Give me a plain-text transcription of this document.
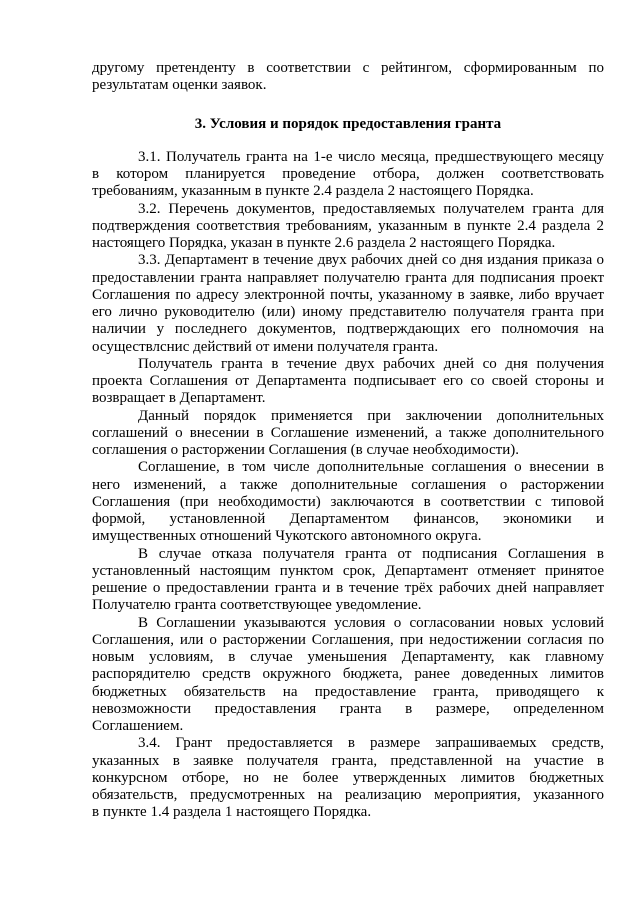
другому претенденту в соответствии с рейтингом, сформированным по
результатам оценки заявок.
3. Условия и порядок предоставления гранта
3.1. Получатель гранта на 1-е число месяца, предшествующего месяцу
в котором планируется проведение отбора, должен соответствовать
требованиям, указанным в пункте 2.4 раздела 2 настоящего Порядка.
3.2. Перечень документов, предоставляемых получателем гранта для
подтверждения соответствия требованиям, указанным в пункте 2.4 раздела 2
настоящего Порядка, указан в пункте 2.6 раздела 2 настоящего Порядка.
3.3. Департамент в течение двух рабочих дней со дня издания приказа о
предоставлении гранта направляет получателю гранта для подписания проект
Соглашения по адресу электронной почты, указанному в заявке, либо вручает
его лично руководителю (или) иному представителю получателя гранта при
наличии у последнего документов, подтверждающих его полномочия на
осуществлснис действий от имени получателя гранта.
Получатель гранта в течение двух рабочих дней со дня получения
проекта Соглашения от Департамента подписывает его со своей стороны и
возвращает в Департамент.
Данный порядок применяется при заключении дополнительных
соглашений о внесении в Соглашение изменений, а также дополнительного
соглашения о расторжении Соглашения (в случае необходимости).
Соглашение, в том числе дополнительные соглашения о внесении в
него изменений, а также дополнительные соглашения о расторжении
Соглашения (при необходимости) заключаются в соответствии с типовой
формой, установленной Департаментом финансов, экономики и
имущественных отношений Чукотского автономного округа.
В случае отказа получателя гранта от подписания Соглашения в
установленный настоящим пунктом срок, Департамент отменяет принятое
решение о предоставлении гранта и в течение трёх рабочих дней направляет
Получателю гранта соответствующее уведомление.
В Соглашении указываются условия о согласовании новых условий
Соглашения, или о расторжении Соглашения, при недостижении согласия по
новым условиям, в случае уменьшения Департаменту, как главному
распорядителю средств окружного бюджета, ранее доведенных лимитов
бюджетных обязательств на предоставление гранта, приводящего к
невозможности предоставления гранта в размере, определенном
Соглашением.
3.4. Грант предоставляется в размере запрашиваемых средств,
указанных в заявке получателя гранта, представленной на участие в
конкурсном отборе, но не более утвержденных лимитов бюджетных
обязательств, предусмотренных на реализацию мероприятия, указанного
в пункте 1.4 раздела 1 настоящего Порядка.
